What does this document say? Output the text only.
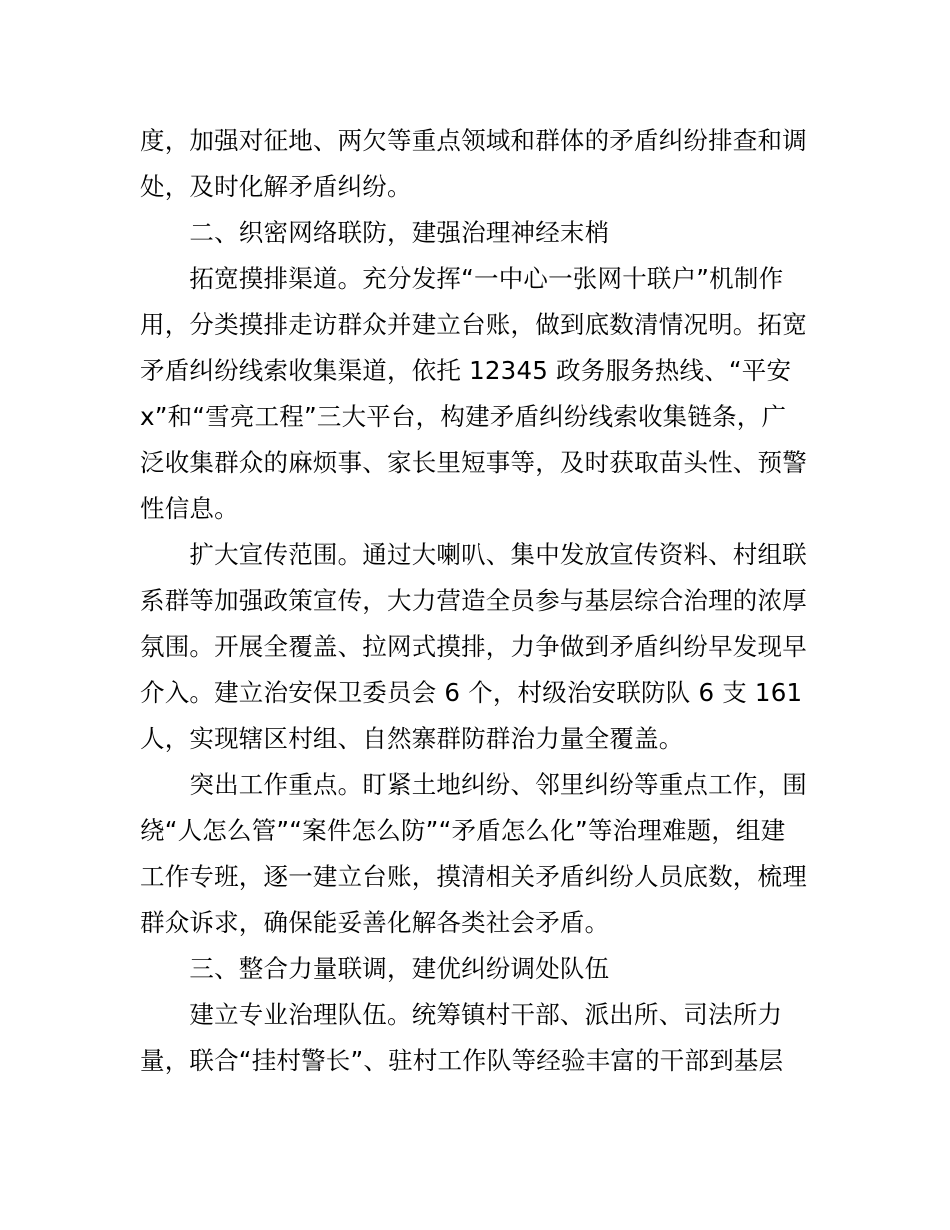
度，加强对征地、两欠等重点领域和群体的矛盾纠纷排查和调
处，及时化解矛盾纠纷。
　　二、织密网络联防，建强治理神经末梢
　　拓宽摸排渠道。充分发挥“一中心一张网十联户”机制作
用，分类摸排走访群众并建立台账，做到底数清情况明。拓宽
矛盾纠纷线索收集渠道，依托 12345 政务服务热线、“平安
x”和“雪亮工程”三大平台，构建矛盾纠纷线索收集链条，广
泛收集群众的麻烦事、家长里短事等，及时获取苗头性、预警
性信息。
　　扩大宣传范围。通过大喇叭、集中发放宣传资料、村组联
系群等加强政策宣传，大力营造全员参与基层综合治理的浓厚
氛围。开展全覆盖、拉网式摸排，力争做到矛盾纠纷早发现早
介入。建立治安保卫委员会 6 个，村级治安联防队 6 支 161
人，实现辖区村组、自然寨群防群治力量全覆盖。
　　突出工作重点。盯紧土地纠纷、邻里纠纷等重点工作，围
绕“人怎么管”“案件怎么防”“矛盾怎么化”等治理难题，组建
工作专班，逐一建立台账，摸清相关矛盾纠纷人员底数，梳理
群众诉求，确保能妥善化解各类社会矛盾。
　　三、整合力量联调，建优纠纷调处队伍
　　建立专业治理队伍。统筹镇村干部、派出所、司法所力
量，联合“挂村警长”、驻村工作队等经验丰富的干部到基层
